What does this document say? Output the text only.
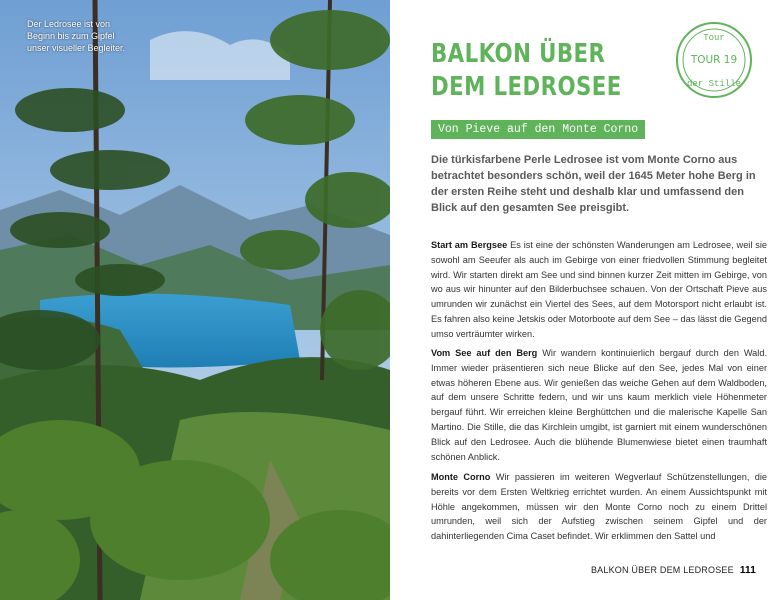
Der Ledrosee ist von Beginn bis zum Gipfel unser visueller Begleiter.	BALKON ÜBER
DEM LEDROSEE
Tour
TOUR 19
der Stille
Von Pieve auf den Monte Corno
Die türkisfarbene Perle Ledrosee ist vom Monte Corno aus betrachtet besonders schön, weil der 1645 Meter hohe Berg in der ersten Reihe steht und deshalb klar und umfassend den Blick auf den gesamten See preisgibt.
Start am Bergsee Es ist eine der schönsten Wanderungen am Ledrosee, weil sie sowohl am Seeufer als auch im Gebirge von einer friedvollen Stimmung begleitet wird. Wir starten direkt am See und sind binnen kurzer Zeit mitten im Gebirge, von wo aus wir hinunter auf den Bilderbuchsee schauen. Von der Ortschaft Pieve aus umrunden wir zunächst ein Viertel des Sees, auf dem Motorsport nicht erlaubt ist. Es fahren also keine Jetskis oder Motorboote auf dem See – das lässt die Gegend umso verträumter wirken.
Vom See auf den Berg Wir wandern kontinuierlich bergauf durch den Wald. Immer wieder präsentieren sich neue Blicke auf den See, jedes Mal von einer etwas höheren Ebene aus. Wir genießen das weiche Gehen auf dem Waldboden, auf dem unsere Schritte federn, und wir uns kaum merklich viele Höhenmeter bergauf führt. Wir erreichen kleine Berghüttchen und die malerische Kapelle San Martino. Die Stille, die das Kirchlein umgibt, ist garniert mit einem wunderschönen Blick auf den Ledrosee. Auch die blühende Blumenwiese bietet einen traumhaft schönen Anblick.
Monte Corno Wir passieren im weiteren Wegverlauf Schützenstellungen, die bereits vor dem Ersten Weltkrieg errichtet wurden. An einem Aussichtspunkt mit Höhle angekommen, müssen wir den Monte Corno noch zu einem Drittel umrunden, weil sich der Aufstieg zwischen seinem Gipfel und der dahinterliegenden Cima Caset befindet. Wir erklimmen den Sattel und
BALKON ÜBER DEM LEDROSEE 111
